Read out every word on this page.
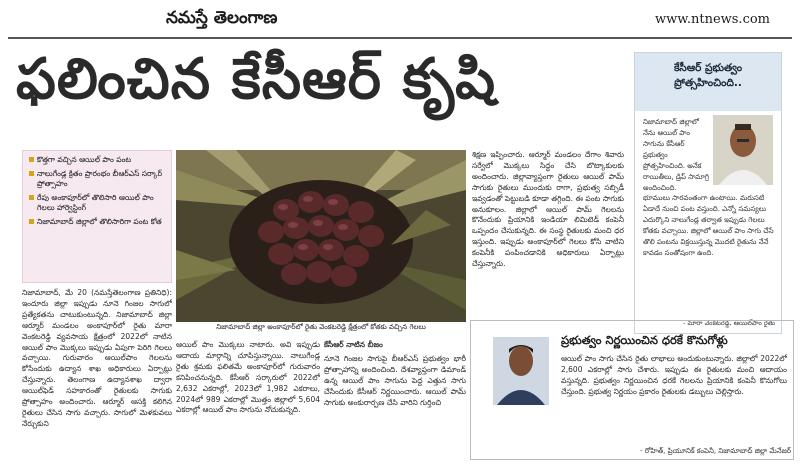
నమస్తే తెలంగాణ	www.ntnews.com
ఫలించిన కేసీఆర్ కృషి
కొత్తగా వచ్చిన ఆయిల్ పాం పంట
నాలుగేండ్ల క్రితం ప్రారంభం బీఆర్ఎస్ సర్కార్ ప్రోత్సాహం
రేపు అంకాపూర్‌లో తొలిసారి ఆయిల్ పాం గెలలు హార్వెస్టింగ్
నిజామాబాద్ జిల్లాలో తొలిసారిగా పంట కోత
నిజామాబాద్ జిల్లా అంకాపూర్‌లో రైతు వెంకటరెడ్డి క్షేత్రంలో కోతకు వచ్చిన గెలలు
నిజామాబాద్, మే 20 (నమస్తేతెలంగాణ ప్రతినిధి): ఇందూరు జిల్లా ఇప్పుడు నూనె గింజల సాగులో ప్రత్యేకతను చాటుకుంటున్నది. నిజామాబాద్ జిల్లా ఆర్మూర్ మండలం అంకాపూర్‌లో రైతు మారా వెంకటరెడ్డి వ్యవసాయ క్షేత్రంలో 2022లో నాటిన ఆయిల్ పాం మొక్కలు ఇప్పుడు ఏపుగా పెరిగి గెలలు వచ్చాయి. గురువారం ఆయిల్‌పాం గెలలను కోసేందుకు ఉద్యాన శాఖ అధికారులు ఏర్పాట్లు చేస్తున్నారు. తెలంగాణ ఉద్యానశాఖ ద్వారా ఆయిల్‌ఫెడ్ సహకారంతో రైతులకు సాగుకు ప్రోత్సాహం అందించారు. ఆర్మూర్ ఆసక్తి కలిగిన రైతులు చేసిన సాగు వచ్చారు. సాగులో మెళకువలు నేర్చుకుని
ఆయిల్ పాం మొక్కలు నాటారు. అవి ఇప్పుడు ఆదాయ మార్గాన్ని చూపిస్తున్నాయి. నాలుగేండ్ల రైతు శ్రమకు ఫలితమే అంకాపూర్‌లో గురువారం కనిపించనున్నది. కేసీఆర్ సర్కారులో 2022లో 2,632 ఎకరాల్లో, 2023లో 1,982 ఎకరాలు, 2024లో 989 ఎకరాల్లో మొత్తం జిల్లాలో 5,604 ఎకరాల్లో ఆయిల్ పాం సాగును నోచుకున్నది.
శిక్షణ ఇప్పించారు. ఆర్మూర్ మండలం దేగాం శివారు సర్వేలో మొక్కలు సిద్ధం చేసి బొట్కాకులకు అందించారు. జిల్లావ్యాప్తంగా రైతులు ఆయిల్ పామ్ సాగుకు రైతులు ముందుకు రాగా, ప్రభుత్వ సబ్సిడీ ఇవ్వడంతో పెట్టుబడి కూడా తగ్గింది. ఈ పంట సాగుకు అనుకూలం. జిల్లాలో ఆయిల్ పామ్ గెలలను కొనేందుకు ప్రియానికి ఇండియా లిమిటెడ్ కంపెనీ ఒప్పందం చేసుకున్నది. ఈ సంస్థ రైతులకు మంచి ధర ఇస్తుంది. ఇప్పుడు అంకాపూర్‌లో గెలలు కోసి వాటిని కంపెనీకి పంపించడానికి అధికారులు ఏర్పాట్లు చేస్తున్నారు.
కేసీఆర్ నాటిన బీజం
నూనె గింజల సాగుపై బీఆర్ఎస్ ప్రభుత్వం భారీ ప్రోత్సాహాన్ని అందించింది. దేశవ్యాప్తంగా డిమాండ్ ఉన్న ఆయిల్ పాం సాగును పెద్ద ఎత్తున సాగు చేసేందుకు కేసీఆర్ నిర్ణయించారు. ఆయిల్ పామ్ సాగుకు అంకురార్పణ చేసి వారిని గుర్తించి
కేసీఆర్ ప్రభుత్వం ప్రోత్సహించింది..
నిజామాబాద్ జిల్లాలో నేను ఆయిల్ పాం సాగును కేసీఆర్ ప్రభుత్వం ప్రోత్సహించింది. అనేక రాయితీలు, డ్రిప్ సామాగ్రి అందించింది.
భూములు సారవంతంగా ఉంటాయి. మరుసటి ఏడాదే నుంచి పంట వస్తుంది. ఎన్నో సమస్యలు ఎదుర్కొని నాలుగేండ్ల తర్వాత ఇప్పుడు గెలలు కోతకు వచ్చాయి. జిల్లాలో ఆయిల్ పాం సాగు చేసే తొలి పంటను విక్రయిస్తున్న మొదటి రైతును నేనే కావడం సంతోషంగా ఉంది.
- మారా వెంకటరెడ్డి, ఆయిల్‌పాం రైతు
ప్రభుత్వం నిర్ణయించిన ధరకే కొనుగోళ్లు
ఆయిల్ పాం సాగు చేసిన రైతు లాభాలు అందుకుంటున్నారు. జిల్లాలో 2022లో 2,600 ఎకరాల్లో సాగు చేశారు. ఇప్పుడు ఈ రైతులకు మంచి ఆదాయం వస్తున్నది. ప్రభుత్వం నిర్ణయించిన ధరకే గెలలను ప్రియానికి కంపెనీ కొనుగోలు చేస్తుంది. ప్రభుత్వ నిర్ణయం ప్రకారం రైతులకు డబ్బులు చెల్లిస్తారు.
- రోహిత్, ప్రియూనిక్ కంపెనీ, నిజామాబాద్ జిల్లా మేనేజర్
